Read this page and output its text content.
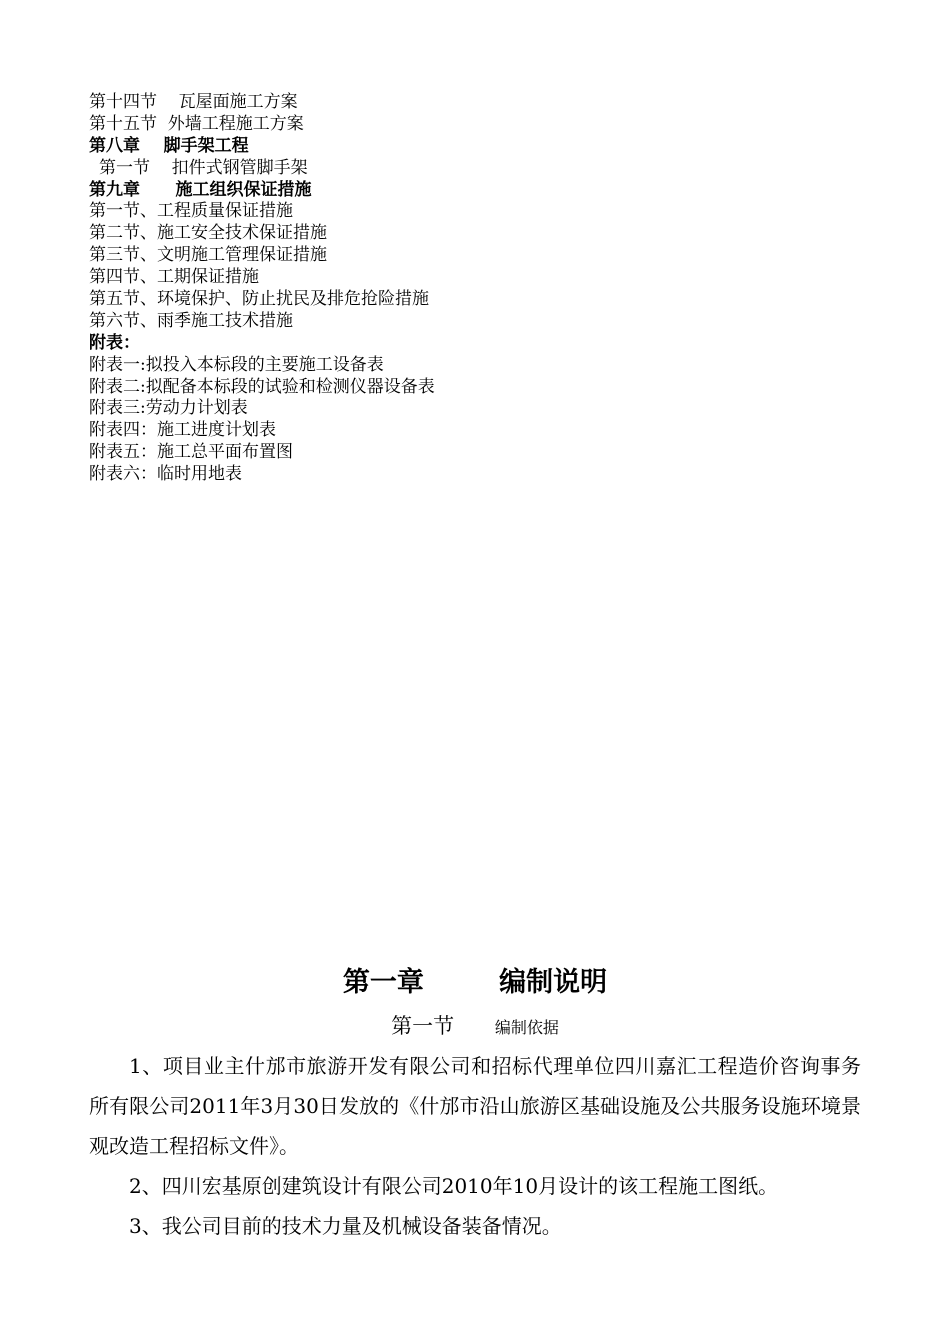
第十四节    瓦屋面施工方案
第十五节  外墙工程施工方案
第八章    脚手架工程
第一节    扣件式钢管脚手架
第九章      施工组织保证措施
第一节、工程质量保证措施
第二节、施工安全技术保证措施
第三节、文明施工管理保证措施
第四节、工期保证措施
第五节、环境保护、防止扰民及排危抢险措施
第六节、雨季施工技术措施
附表：
附表一:拟投入本标段的主要施工设备表
附表二:拟配备本标段的试验和检测仪器设备表
附表三:劳动力计划表
附表四：施工进度计划表
附表五：施工总平面布置图
附表六：临时用地表
第一章        编制说明
第一节	编制依据

1、项目业主什邡市旅游开发有限公司和招标代理单位四川嘉汇工程造价咨询事务所有限公司2011年3月30日发放的《什邡市沿山旅游区基础设施及公共服务设施环境景观改造工程招标文件》。

2、四川宏基原创建筑设计有限公司2010年10月设计的该工程施工图纸。

3、我公司目前的技术力量及机械设备装备情况。
